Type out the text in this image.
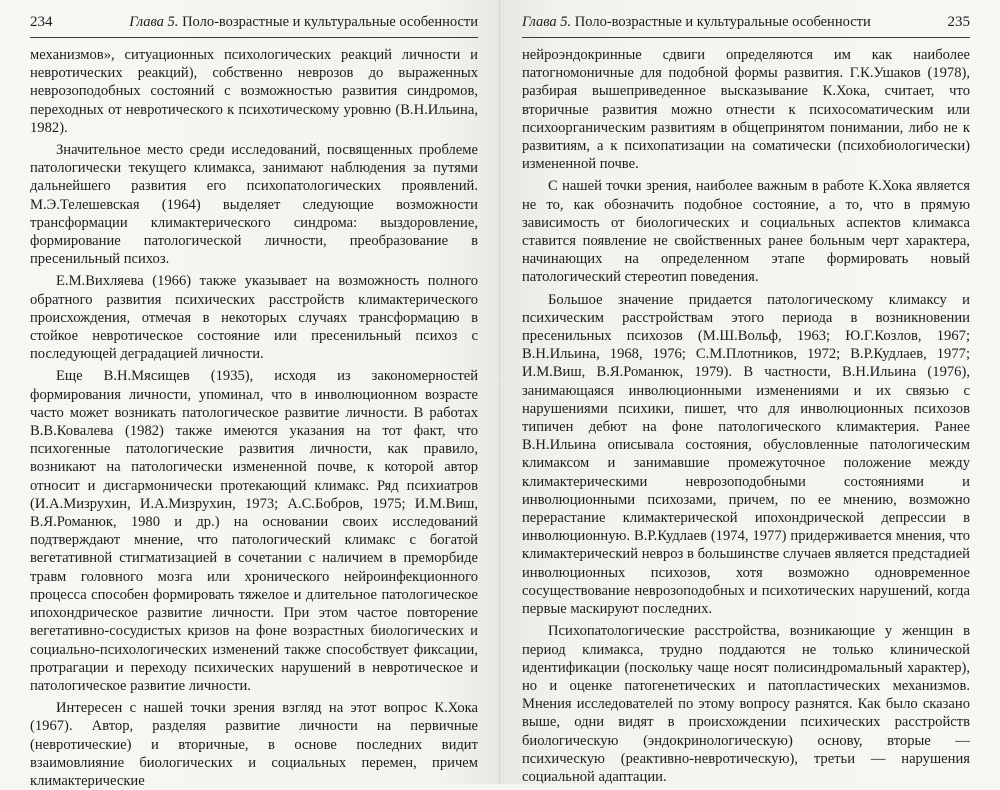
234	Глава 5. Поло-возрастные и культуральные особенности

механизмов», ситуационных психологических реакций личности и невротических реакций), собственно неврозов до выраженных неврозоподобных состояний с возможностью развития синдромов, переходных от невротического к психотическому уровню (В.Н.Ильина, 1982).

Значительное место среди исследований, посвященных проблеме патологически текущего климакса, занимают наблюдения за путями дальнейшего развития его психопатологических проявлений. М.Э.Телешевская (1964) выделяет следующие возможности трансформации климактерического синдрома: выздоровление, формирование патологической личности, преобразование в пресенильный психоз.

Е.М.Вихляева (1966) также указывает на возможность полного обратного развития психических расстройств климактерического происхождения, отмечая в некоторых случаях трансформацию в стойкое невротическое состояние или пресенильный психоз с последующей деградацией личности.

Еще В.Н.Мясищев (1935), исходя из закономерностей формирования личности, упоминал, что в инволюционном возрасте часто может возникать патологическое развитие личности. В работах В.В.Ковалева (1982) также имеются указания на тот факт, что психогенные патологические развития личности, как правило, возникают на патологически измененной почве, к которой автор относит и дисгармонически протекающий климакс. Ряд психиатров (И.А.Мизрухин, И.А.Мизрухин, 1973; А.С.Бобров, 1975; И.М.Виш, В.Я.Романюк, 1980 и др.) на основании своих исследований подтверждают мнение, что патологический климакс с богатой вегетативной стигматизацией в сочетании с наличием в преморбиде травм головного мозга или хронического нейроинфекционного процесса способен формировать тяжелое и длительное патологическое ипохондрическое развитие личности. При этом частое повторение вегетативно-сосудистых кризов на фоне возрастных биологических и социально-психологических изменений также способствует фиксации, протрагации и переходу психических нарушений в невротическое и патологическое развитие личности.

Интересен с нашей точки зрения взгляд на этот вопрос К.Хока (1967). Автор, разделяя развитие личности на первичные (невротические) и вторичные, в основе последних видит взаимовлияние биологических и социальных перемен, причем климактерические

Глава 5. Поло-возрастные и культуральные особенности	235

нейроэндокринные сдвиги определяются им как наиболее патогномоничные для подобной формы развития. Г.К.Ушаков (1978), разбирая вышеприведенное высказывание К.Хока, считает, что вторичные развития можно отнести к психосоматическим или психоорганическим развитиям в общепринятом понимании, либо не к развитиям, а к психопатизации на соматически (психобиологически) измененной почве.

С нашей точки зрения, наиболее важным в работе К.Хока является не то, как обозначить подобное состояние, а то, что в прямую зависимость от биологических и социальных аспектов климакса ставится появление не свойственных ранее больным черт характера, начинающих на определенном этапе формировать новый патологический стереотип поведения.

Большое значение придается патологическому климаксу и психическим расстройствам этого периода в возникновении пресенильных психозов (М.Ш.Вольф, 1963; Ю.Г.Козлов, 1967; В.Н.Ильина, 1968, 1976; С.М.Плотников, 1972; В.Р.Кудлаев, 1977; И.М.Виш, В.Я.Романюк, 1979). В частности, В.Н.Ильина (1976), занимающаяся инволюционными изменениями и их связью с нарушениями психики, пишет, что для инволюционных психозов типичен дебют на фоне патологического климактерия. Ранее В.Н.Ильина описывала состояния, обусловленные патологическим климаксом и занимавшие промежуточное положение между климактерическими неврозоподобными состояниями и инволюционными психозами, причем, по ее мнению, возможно перерастание климактерической ипохондрической депрессии в инволюционную. В.Р.Кудлаев (1974, 1977) придерживается мнения, что климактерический невроз в большинстве случаев является предстадией инволюционных психозов, хотя возможно одновременное сосуществование неврозоподобных и психотических нарушений, когда первые маскируют последних.

Психопатологические расстройства, возникающие у женщин в период климакса, трудно поддаются не только клинической идентификации (поскольку чаще носят полисиндромальный характер), но и оценке патогенетических и патопластических механизмов. Мнения исследователей по этому вопросу разнятся. Как было сказано выше, одни видят в происхождении психических расстройств биологическую (эндокринологическую) основу, вторые — психическую (реактивно-невротическую), третьи — нарушения социальной адаптации.
